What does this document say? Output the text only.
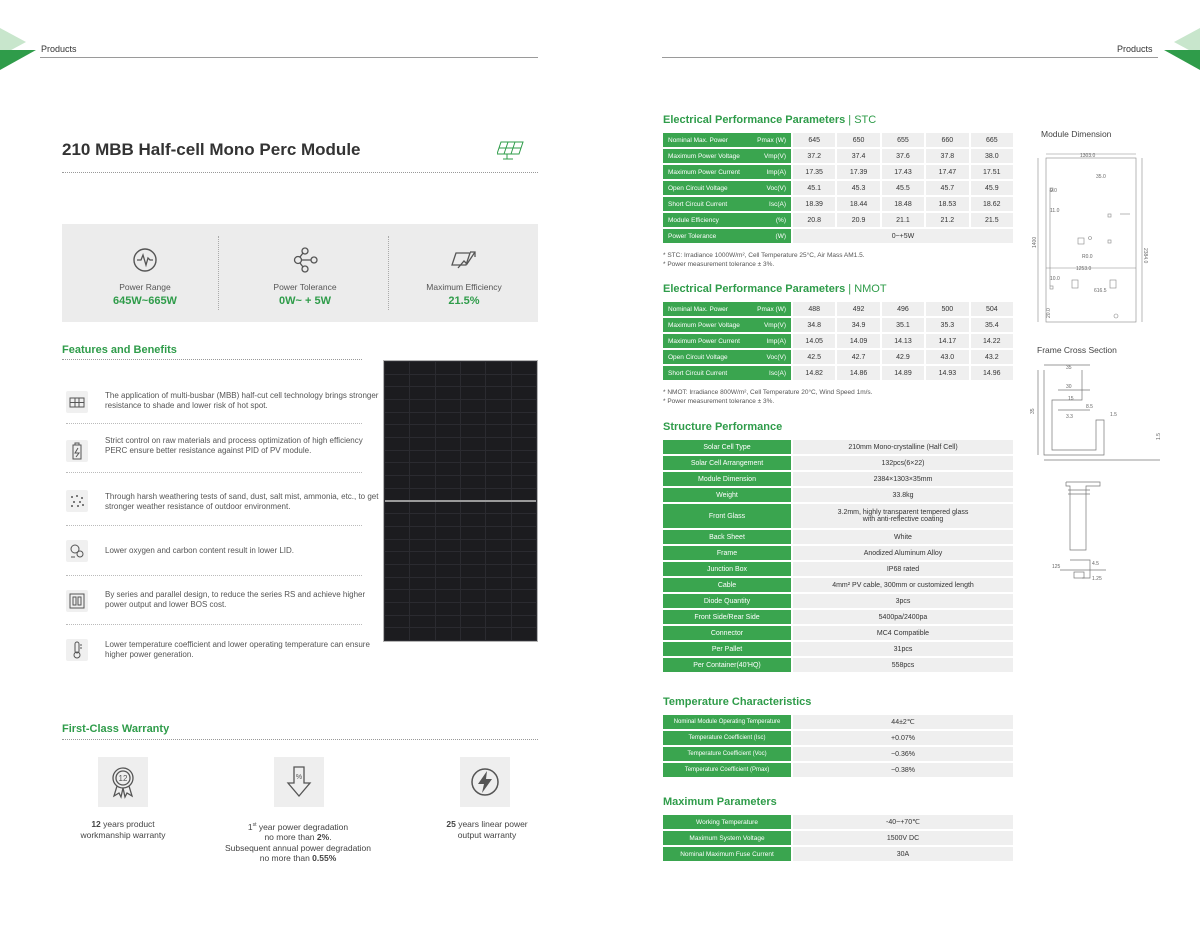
Products	Products
210 MBB Half-cell Mono Perc Module
Power Range
645W~665W
Power Tolerance
0W~ + 5W
Maximum Efficiency
21.5%
Features and Benefits
The application of multi-busbar (MBB) half-cut cell technology brings stronger resistance to shade and lower risk of hot spot.
Strict control on raw materials and process optimization of high efficiency PERC ensure better resistance against PID of PV module.
Through harsh weathering tests of sand, dust, salt mist, ammonia, etc., to get stronger weather resistance of outdoor environment.
Lower oxygen and carbon content result in lower LID.
By series and parallel design, to reduce the series RS and achieve higher power output and lower BOS cost.
Lower temperature coefficient and lower operating temperature can ensure higher power generation.
First-Class Warranty
12
12 years product
workmanship warranty
%
1st year power degradation
no more than 2%.
Subsequent annual power degradation
no more than 0.55%
25 years linear power
output warranty
Electrical Performance Parameters | STC
Nominal Max. Power Pmax (W)	645	650	655	660	665
Maximum Power Voltage Vmp(V)	37.2	37.4	37.6	37.8	38.0
Maximum Power Current Imp(A)	17.35	17.39	17.43	17.47	17.51
Open Circuit Voltage Voc(V)	45.1	45.3	45.5	45.7	45.9
Short Circuit Current Isc(A)	18.39	18.44	18.48	18.53	18.62
Module Efficiency (%)	20.8	20.9	21.1	21.2	21.5
Power Tolerance (W)	0~+5W				
* STC: Irradiance 1000W/m², Cell Temperature 25°C, Air Mass AM1.5.
* Power measurement tolerance ± 3%.
Electrical Performance Parameters | NMOT
Nominal Max. Power Pmax (W)	488	492	496	500	504
Maximum Power Voltage Vmp(V)	34.8	34.9	35.1	35.3	35.4
Maximum Power Current Imp(A)	14.05	14.09	14.13	14.17	14.22
Open Circuit Voltage Voc(V)	42.5	42.7	42.9	43.0	43.2
Short Circuit Current Isc(A)	14.82	14.86	14.89	14.93	14.96
* NMOT: Irradiance 800W/m², Cell Temperature 20°C, Wind Speed 1m/s.
* Power measurement tolerance ± 3%.
Structure Performance
Solar Cell Type	210mm Mono-crystalline (Half Cell)
Solar Cell Arrangement	132pcs(6×22)
Module Dimension	2384×1303×35mm
Weight	33.8kg
Front Glass	3.2mm, highly transparent tempered glass
with anti-reflective coating
Back Sheet	White
Frame	Anodized Aluminum Alloy
Junction Box	IP68 rated
Cable	4mm² PV cable, 300mm or customized length
Diode Quantity	3pcs
Front Side/Rear Side	5400pa/2400pa
Connector	MC4 Compatible
Per Pallet	31pcs
Per Container(40'HQ)	558pcs
Temperature Characteristics
Nominal Module Operating Temperature	44±2℃
Temperature Coefficient (Isc)	+0.07%
Temperature Coefficient (Voc)	−0.36%
Temperature Coefficient (Pmax)	−0.38%
Maximum Parameters
Working Temperature	-40~+70℃
Maximum System Voltage	1500V DC
Nominal Maximum Fuse Current	30A
Module Dimension
1303.0
35.0
9.0
11.0
2384.0
1400
1253.0
10.0
616.5
R0.0
20.0
Frame Cross Section
35
35
30
15
8.5
3.3	1.5
1.5
125	4.5
1.25
